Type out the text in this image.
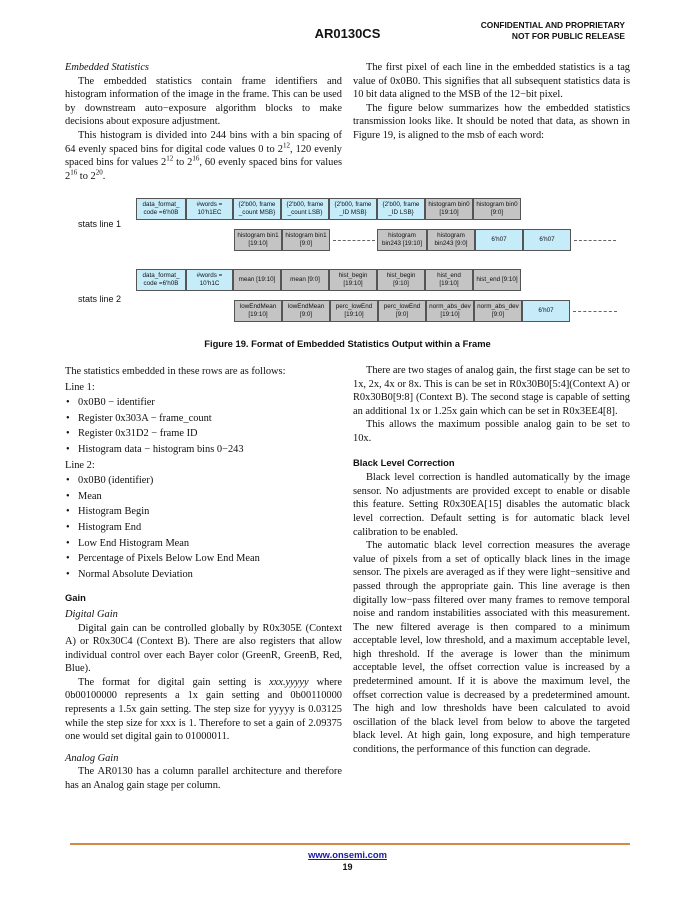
AR0130CS
CONFIDENTIAL AND PROPRIETARY
NOT FOR PUBLIC RELEASE

Embedded Statistics

The embedded statistics contain frame identifiers and histogram information of the image in the frame. This can be used by downstream auto−exposure algorithm blocks to make decisions about exposure adjustment.

This histogram is divided into 244 bins with a bin spacing of 64 evenly spaced bins for digital code values 0 to $2^{12}$, 120 evenly spaced bins for values $2^{12}$ to $2^{16}$, 60 evenly spaced bins for values $2^{16}$ to $2^{20}$.

The first pixel of each line in the embedded statistics is a tag value of 0x0B0. This signifies that all subsequent statistics data is 10 bit data aligned to the MSB of the 12−bit pixel.

The figure below summarizes how the embedded statistics transmission looks like. It should be noted that data, as shown in Figure 19, is aligned to the msb of each word:

stats line 1
stats line 2
data_format_ code =6'h0B
#words = 10'h1EC
{2'b00, frame _count MSB}
{2'b00, frame _count LSB}
{2'b00, frame _ID MSB}
{2'b00, frame _ID LSB}
histogram bin0 [19:10]
histogram bin0 [9:0]
histogram bin1 [19:10]
histogram bin1 [9:0]
histogram bin243 [19:10]
histogram bin243 [9:0]
6'h07	6'h07
data_format_ code =6'h0B
#words = 10'h1C
mean [19:10]	mean [9:0]
hist_begin [19:10]
hist_begin [9:10]
hist_end [19:10]
hist_end [9:10]
lowEndMean [19:10]
lowEndMean [9:0]
perc_lowEnd [19:10]
perc_lowEnd [9:0]
norm_abs_dev [19:10]
norm_abs_dev [9:0]
6'h07
Figure 19. Format of Embedded Statistics Output within a Frame

The statistics embedded in these rows are as follows:

Line 1:

• 0x0B0 − identifier
• Register 0x303A − frame_count
• Register 0x31D2 − frame ID
• Histogram data − histogram bins 0−243

Line 2:

• 0x0B0 (identifier)
• Mean
• Histogram Begin
• Histogram End
• Low End Histogram Mean
• Percentage of Pixels Below Low End Mean
• Normal Absolute Deviation

Gain

Digital Gain

Digital gain can be controlled globally by R0x305E (Context A) or R0x30C4 (Context B). There are also registers that allow individual control over each Bayer color (GreenR, GreenB, Red, Blue).

The format for digital gain setting is xxx.yyyyy where 0b00100000 represents a 1x gain setting and 0b00110000 represents a 1.5x gain setting. The step size for yyyyy is 0.03125 while the step size for xxx is 1. Therefore to set a gain of 2.09375 one would set digital gain to 01000011.

Analog Gain

The AR0130 has a column parallel architecture and therefore has an Analog gain stage per column.

There are two stages of analog gain, the first stage can be set to 1x, 2x, 4x or 8x. This is can be set in R0x30B0[5:4](Context A) or R0x30B0[9:8] (Context B). The second stage is capable of setting an additional 1x or 1.25x gain which can be set in R0x3EE4[8].

This allows the maximum possible analog gain to be set to 10x.

Black Level Correction

Black level correction is handled automatically by the image sensor. No adjustments are provided except to enable or disable this feature. Setting R0x30EA[15] disables the automatic black level correction. Default setting is for automatic black level calibration to be enabled.

The automatic black level correction measures the average value of pixels from a set of optically black lines in the image sensor. The pixels are averaged as if they were light−sensitive and passed through the appropriate gain. This line average is then digitally low−pass filtered over many frames to remove temporal noise and random instabilities associated with this measurement. The new filtered average is then compared to a minimum acceptable level, low threshold, and a maximum acceptable level, high threshold. If the average is lower than the minimum acceptable level, the offset correction value is increased by a predetermined amount. If it is above the maximum level, the offset correction value is decreased by a predetermined amount. The high and low thresholds have been calculated to avoid oscillation of the black level from below to above the targeted black level. At high gain, long exposure, and high temperature conditions, the performance of this function can degrade.

www.onsemi.com
19
